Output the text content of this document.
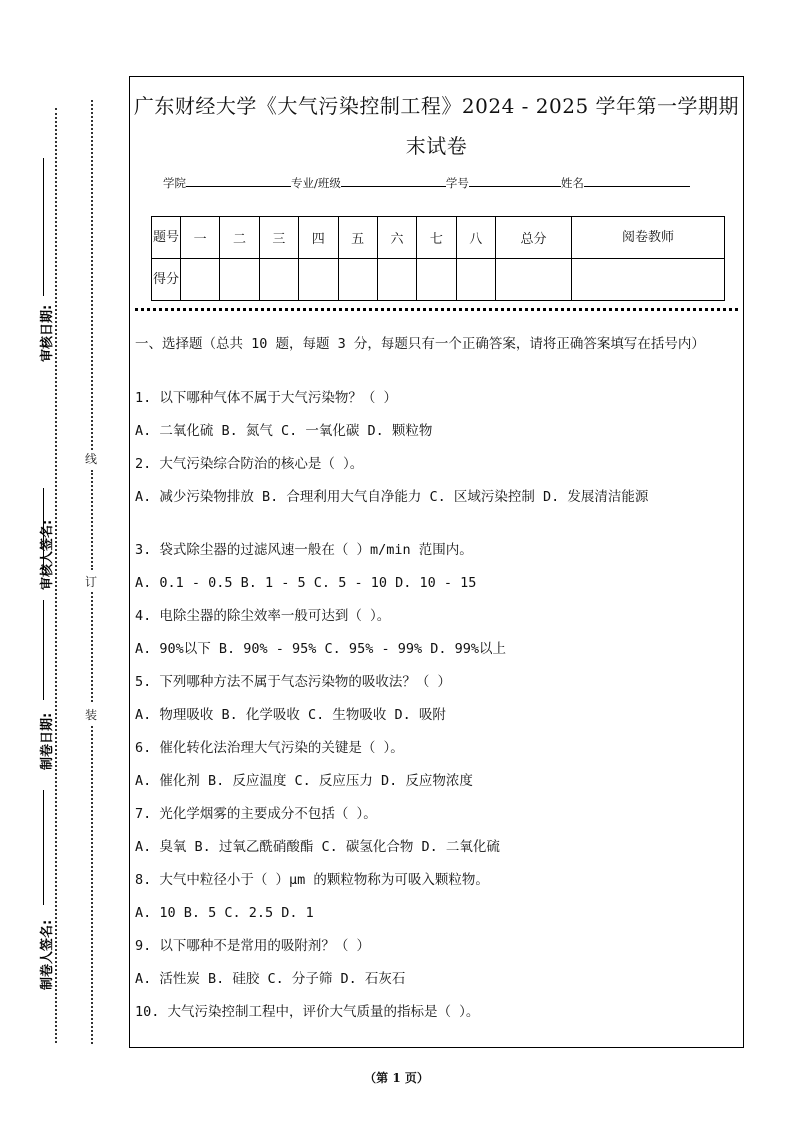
审核日期:
审核人签名:
制卷日期:
制卷人签名:
线
订
装
广东财经大学《大气污染控制工程》2024 - 2025 学年第一学期期
末试卷
学院	专业/班级	学号	姓名
题号	一	二	三	四	五	六	七	八	总分	阅卷教师
得分										

一、选择题（总共 10 题，每题 3 分，每题只有一个正确答案，请将正确答案填写在括号内）

1. 以下哪种气体不属于大气污染物？（ ）

A. 二氧化硫 B. 氮气 C. 一氧化碳 D. 颗粒物

2. 大气污染综合防治的核心是（ ）。

A. 减少污染物排放 B. 合理利用大气自净能力 C. 区域污染控制 D. 发展清洁能源

3. 袋式除尘器的过滤风速一般在（ ）m/min 范围内。

A. 0.1 - 0.5 B. 1 - 5 C. 5 - 10 D. 10 - 15

4. 电除尘器的除尘效率一般可达到（ ）。

A. 90%以下 B. 90% - 95% C. 95% - 99% D. 99%以上

5. 下列哪种方法不属于气态污染物的吸收法？（ ）

A. 物理吸收 B. 化学吸收 C. 生物吸收 D. 吸附

6. 催化转化法治理大气污染的关键是（ ）。

A. 催化剂 B. 反应温度 C. 反应压力 D. 反应物浓度

7. 光化学烟雾的主要成分不包括（ ）。

A. 臭氧 B. 过氧乙酰硝酸酯 C. 碳氢化合物 D. 二氧化硫

8. 大气中粒径小于（ ）μm 的颗粒物称为可吸入颗粒物。

A. 10 B. 5 C. 2.5 D. 1

9. 以下哪种不是常用的吸附剂？（ ）

A. 活性炭 B. 硅胶 C. 分子筛 D. 石灰石

10. 大气污染控制工程中，评价大气质量的指标是（ ）。

（第 1 页）
